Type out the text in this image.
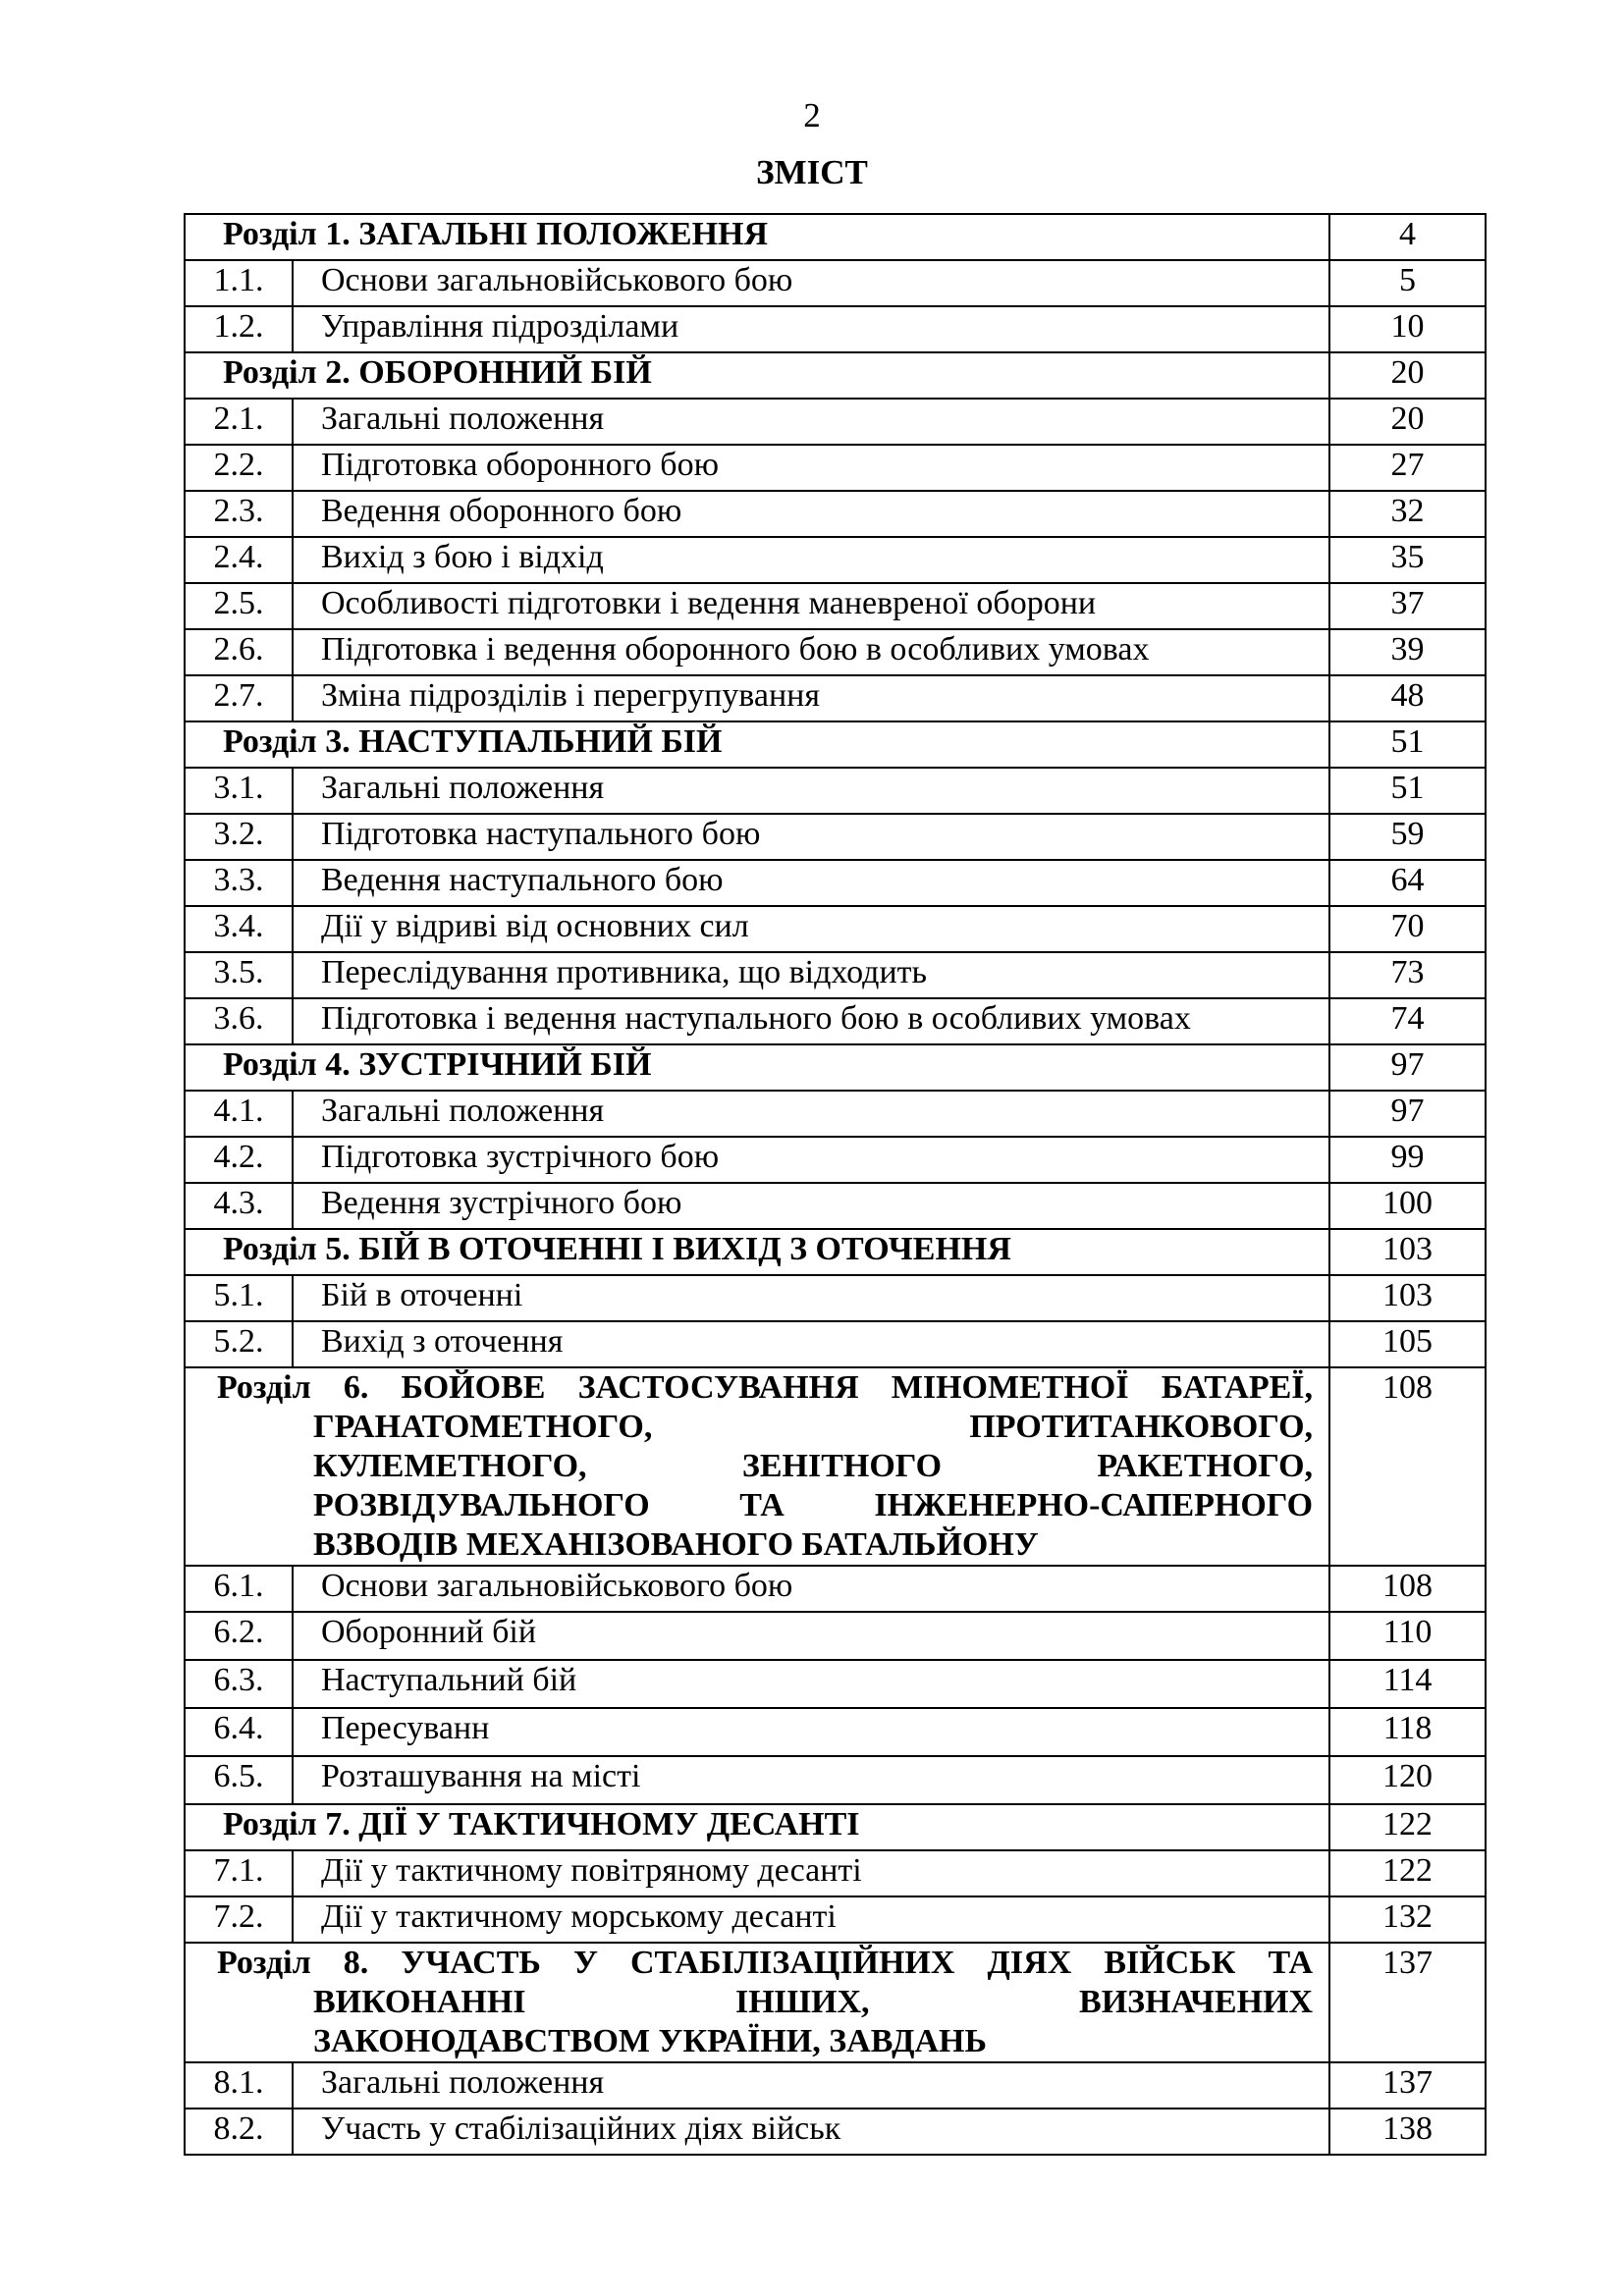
2
ЗМІСТ
Розділ 1. ЗАГАЛЬНІ ПОЛОЖЕННЯ		4
1.1.	Основи загальновійськового бою	5
1.2.	Управління підрозділами	10
Розділ 2. ОБОРОННИЙ БІЙ		20
2.1.	Загальні положення	20
2.2.	Підготовка оборонного бою	27
2.3.	Ведення оборонного бою	32
2.4.	Вихід з бою і відхід	35
2.5.	Особливості підготовки і ведення маневреної оборони	37
2.6.	Підготовка і ведення оборонного бою в особливих умовах	39
2.7.	Зміна підрозділів і перегрупування	48
Розділ 3. НАСТУПАЛЬНИЙ БІЙ		51
3.1.	Загальні положення	51
3.2.	Підготовка наступального бою	59
3.3.	Ведення наступального бою	64
3.4.	Дії у відриві від основних сил	70
3.5.	Переслідування противника, що відходить	73
3.6.	Підготовка і ведення наступального бою в особливих умовах	74
Розділ 4. ЗУСТРІЧНИЙ БІЙ		97
4.1.	Загальні положення	97
4.2.	Підготовка зустрічного бою	99
4.3.	Ведення зустрічного бою	100
Розділ 5. БІЙ В ОТОЧЕННІ І ВИХІД З ОТОЧЕННЯ		103
5.1.	Бій в оточенні	103
5.2.	Вихід з оточення	105

Розділ 6. БОЙОВЕ ЗАСТОСУВАННЯ МІНОМЕТНОЇ БАТАРЕЇ,
ГРАНАТОМЕТНОГО, ПРОТИТАНКОВОГО,
КУЛЕМЕТНОГО, ЗЕНІТНОГО РАКЕТНОГО,
РОЗВІДУВАЛЬНОГО ТА ІНЖЕНЕРНО-САПЕРНОГО
ВЗВОДІВ МЕХАНІЗОВАНОГО БАТАЛЬЙОНУ		108
6.1.	Основи загальновійськового бою	108
6.2.	Оборонний бій	110
6.3.	Наступальний бій	114
6.4.	Пересуванн	118
6.5.	Розташування на місті	120
Розділ 7. ДІЇ У ТАКТИЧНОМУ ДЕСАНТІ		122
7.1.	Дії у тактичному повітряному десанті	122
7.2.	Дії у тактичному морському десанті	132

Розділ 8. УЧАСТЬ У СТАБІЛІЗАЦІЙНИХ ДІЯХ ВІЙСЬК ТА
ВИКОНАННІ ІНШИХ, ВИЗНАЧЕНИХ
ЗАКОНОДАВСТВОМ УКРАЇНИ, ЗАВДАНЬ		137
8.1.	Загальні положення	137
8.2.	Участь у стабілізаційних діях військ	138
